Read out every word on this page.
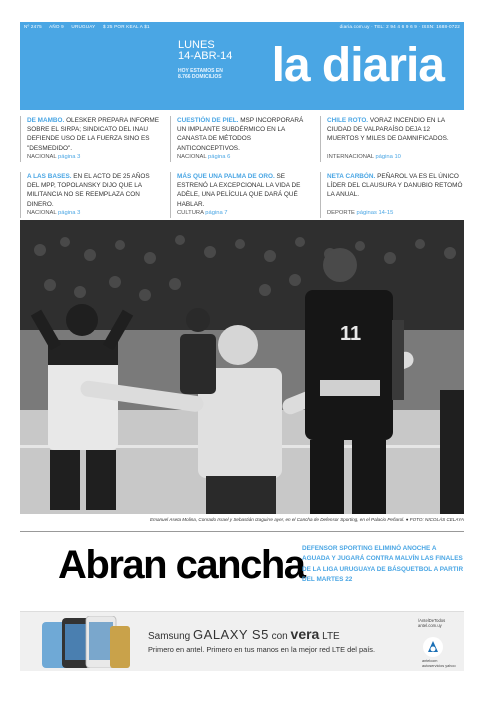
Nº 2475 AÑO 9 URUGUAY $ 25 POR KEAL A $1	diaria.com.uy · TEL: 2 94 4 6 9 6 9 · ISSN: 1688-0722
LUNES
14-ABR-14
HOY ESTAMOS EN
8.766 DOMICILIOS la diaria
DE MAMBO. OLESKER PREPARA INFORME SOBRE EL SIRPA; SINDICATO DEL INAU DEFIENDE USO DE LA FUERZA SINO ES "DESMEDIDO".
NACIONAL página 3
CUESTIÓN DE PIEL. MSP INCORPORARÁ UN IMPLANTE SUBDÉRMICO EN LA CANASTA DE MÉTODOS ANTICONCEPTIVOS.
NACIONAL página 6
CHILE ROTO. VORAZ INCENDIO EN LA CIUDAD DE VALPARAÍSO DEJA 12 MUERTOS Y MILES DE DAMNIFICADOS.
INTERNACIONAL página 10
A LAS BASES. EN EL ACTO DE 25 AÑOS DEL MPP, TOPOLANSKY DIJO QUE LA MILITANCIA NO SE REEMPLAZA CON DINERO.
NACIONAL página 3
MÁS QUE UNA PALMA DE ORO. SE ESTRENÓ LA EXCEPCIONAL LA VIDA DE ADÈLE, UNA PELÍCULA QUE DARÁ QUÉ HABLAR.
CULTURA página 7
NETA CARBÓN. PEÑAROL VA ES EL ÚNICO LÍDER DEL CLAUSURA Y DANUBIO RETOMÓ LA ANUAL.
DEPORTE páginas 14-15
11
Emanuel Aseta Molina, Conrado Israel y Sebastián Izaguirre ayer, en el Cancha de Defensor Sporting, en el Palacio Peñarol. ● FOTO: NICOLÁS CELAYA
Abran cancha
DEFENSOR SPORTING ELIMINÓ ANOCHE A AGUADA Y JUGARÁ CONTRA MALVÍN LAS FINALES DE LA LIGA URUGUAYA DE BÁSQUETBOL A PARTIR DEL MARTES 22
Samsung GALAXY S5 con vera LTE
Primero en antel. Primero en tus manos en la mejor red LTE del país.
/AntelDeTodos antel.com.uy
antelcom autoservicios yahoo
